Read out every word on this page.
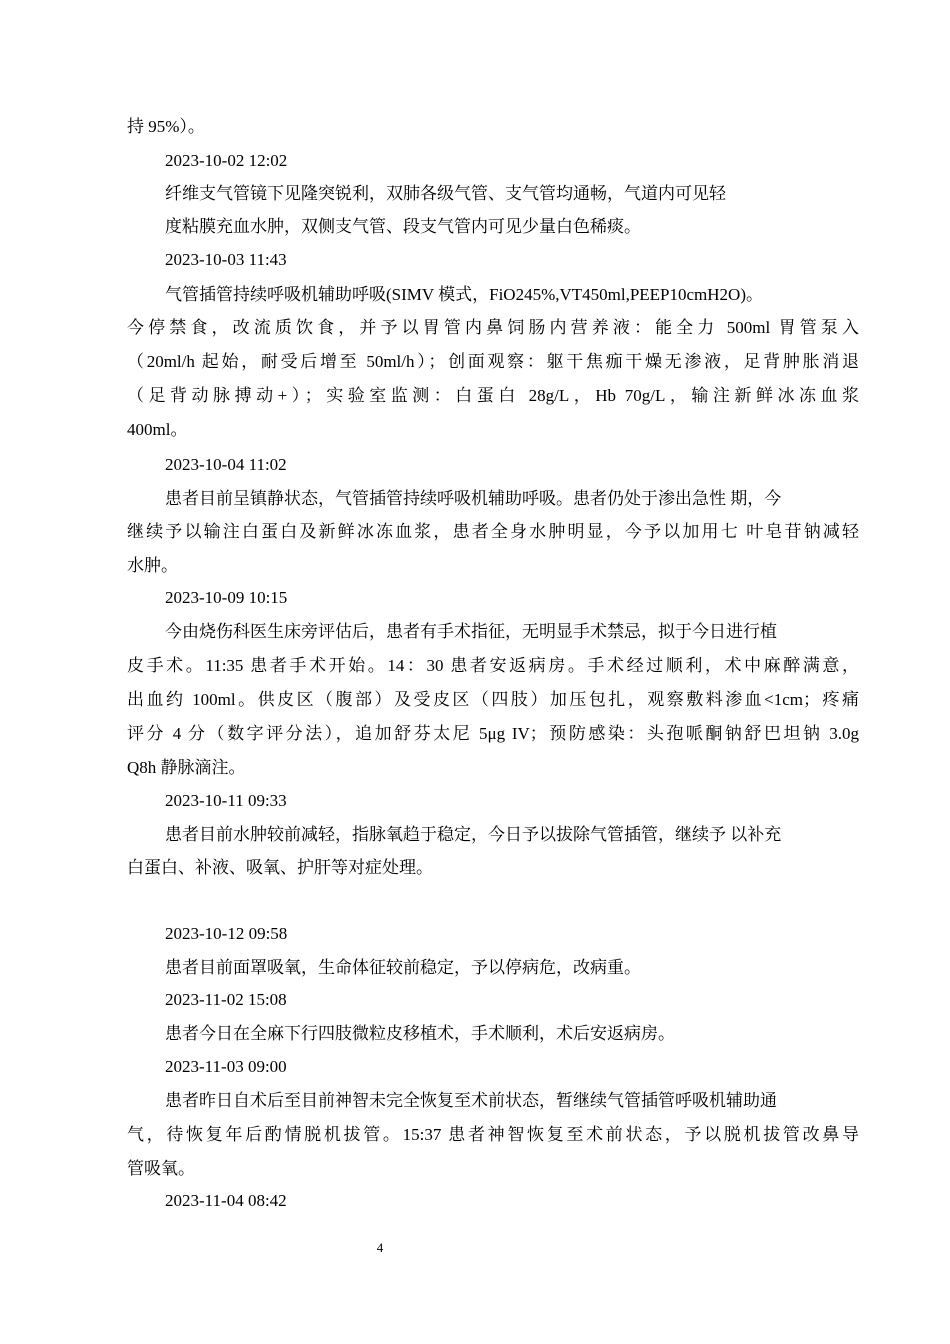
持 95%）。
2023-10-02 12:02
纤维支气管镜下见隆突锐利，双肺各级气管、支气管均通畅，气道内可见轻
度粘膜充血水肿，双侧支气管、段支气管内可见少量白色稀痰。
2023-10-03 11:43
气管插管持续呼吸机辅助呼吸(SIMV 模式，FiO245%,VT450ml,PEEP10cmH2O)。
今停禁食，改流质饮食，并予以胃管内鼻饲肠内营养液：能全力 500ml 胃管泵入
（20ml/h 起始，耐受后增至 50ml/h）；创面观察：躯干焦痂干燥无渗液，足背肿胀消退
（足背动脉搏动+）；实验室监测：白蛋白 28g/L，Hb 70g/L，输注新鲜冰冻血浆
400ml。
2023-10-04 11:02
患者目前呈镇静状态，气管插管持续呼吸机辅助呼吸。患者仍处于渗出急性 期，今
继续予以输注白蛋白及新鲜冰冻血浆，患者全身水肿明显，今予以加用七 叶皂苷钠减轻
水肿。
2023-10-09 10:15
今由烧伤科医生床旁评估后，患者有手术指征，无明显手术禁忌，拟于今日进行植
皮手术。11:35 患者手术开始。14：30 患者安返病房。手术经过顺利，术中麻醉满意，
出血约 100ml。供皮区（腹部）及受皮区（四肢）加压包扎，观察敷料渗血<1cm；疼痛
评分 4 分（数字评分法），追加舒芬太尼 5μg IV；预防感染：头孢哌酮钠舒巴坦钠 3.0g
Q8h 静脉滴注。
2023-10-11 09:33
患者目前水肿较前减轻，指脉氧趋于稳定，今日予以拔除气管插管，继续予 以补充
白蛋白、补液、吸氧、护肝等对症处理。
2023-10-12 09:58
患者目前面罩吸氧，生命体征较前稳定，予以停病危，改病重。
2023-11-02 15:08
患者今日在全麻下行四肢微粒皮移植术，手术顺利，术后安返病房。
2023-11-03 09:00
患者昨日自术后至目前神智未完全恢复至术前状态，暂继续气管插管呼吸机辅助通
气，待恢复年后酌情脱机拔管。15:37 患者神智恢复至术前状态，予以脱机拔管改鼻导
管吸氧。
2023-11-04 08:42
4
